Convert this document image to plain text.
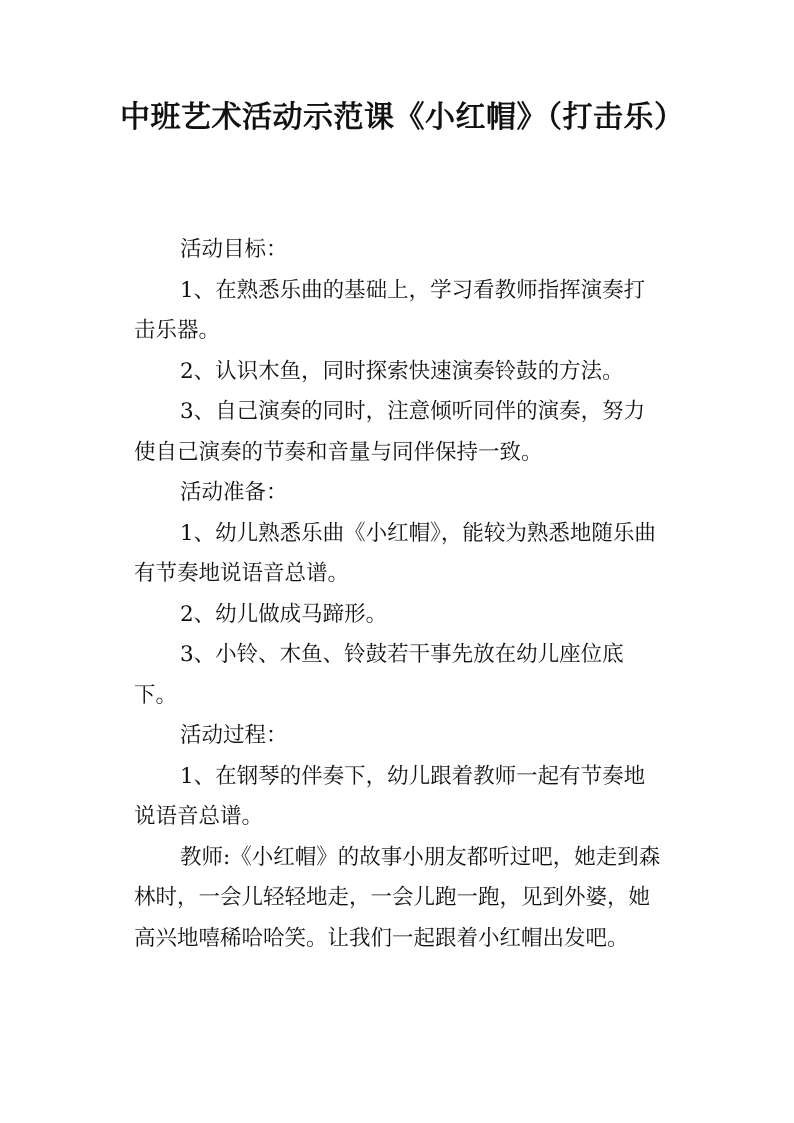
中班艺术活动示范课《小红帽》（打击乐）

活动目标：

1、在熟悉乐曲的基础上，学习看教师指挥演奏打击乐器。

2、认识木鱼，同时探索快速演奏铃鼓的方法。

3、自己演奏的同时，注意倾听同伴的演奏，努力使自己演奏的节奏和音量与同伴保持一致。

活动准备：

1、幼儿熟悉乐曲《小红帽》，能较为熟悉地随乐曲有节奏地说语音总谱。

2、幼儿做成马蹄形。

3、小铃、木鱼、铃鼓若干事先放在幼儿座位底下。

活动过程：

1、在钢琴的伴奏下，幼儿跟着教师一起有节奏地说语音总谱。

教师:《小红帽》的故事小朋友都听过吧，她走到森林时，一会儿轻轻地走，一会儿跑一跑，见到外婆，她高兴地嘻稀哈哈笑。让我们一起跟着小红帽出发吧。
